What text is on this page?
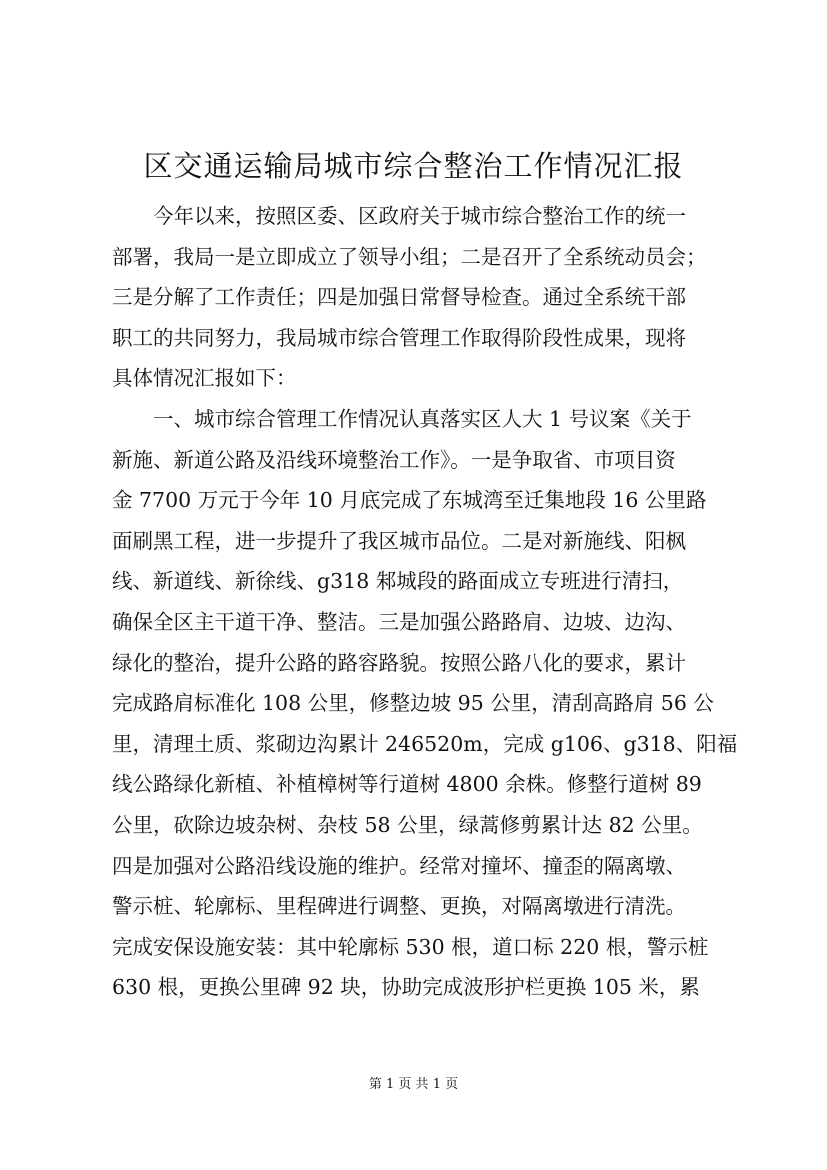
区交通运输局城市综合整治工作情况汇报
今年以来，按照区委、区政府关于城市综合整治工作的统一
部署，我局一是立即成立了领导小组；二是召开了全系统动员会；
三是分解了工作责任；四是加强日常督导检查。通过全系统干部
职工的共同努力，我局城市综合管理工作取得阶段性成果，现将
具体情况汇报如下：
一、城市综合管理工作情况认真落实区人大 1 号议案《关于
新施、新道公路及沿线环境整治工作》。一是争取省、市项目资
金 7700 万元于今年 10 月底完成了东城湾至迁集地段 16 公里路
面刷黑工程，进一步提升了我区城市品位。二是对新施线、阳枫
线、新道线、新徐线、g318 邾城段的路面成立专班进行清扫，
确保全区主干道干净、整洁。三是加强公路路肩、边坡、边沟、
绿化的整治，提升公路的路容路貌。按照公路八化的要求，累计
完成路肩标准化 108 公里，修整边坡 95 公里，清刮高路肩 56 公
里，清理土质、浆砌边沟累计 246520m，完成 g106、g318、阳福
线公路绿化新植、补植樟树等行道树 4800 余株。修整行道树 89
公里，砍除边坡杂树、杂枝 58 公里，绿蒿修剪累计达 82 公里。
四是加强对公路沿线设施的维护。经常对撞坏、撞歪的隔离墩、
警示桩、轮廓标、里程碑进行调整、更换，对隔离墩进行清洗。
完成安保设施安装：其中轮廓标 530 根，道口标 220 根，警示桩
630 根，更换公里碑 92 块，协助完成波形护栏更换 105 米，累
第 1 页 共 1 页
